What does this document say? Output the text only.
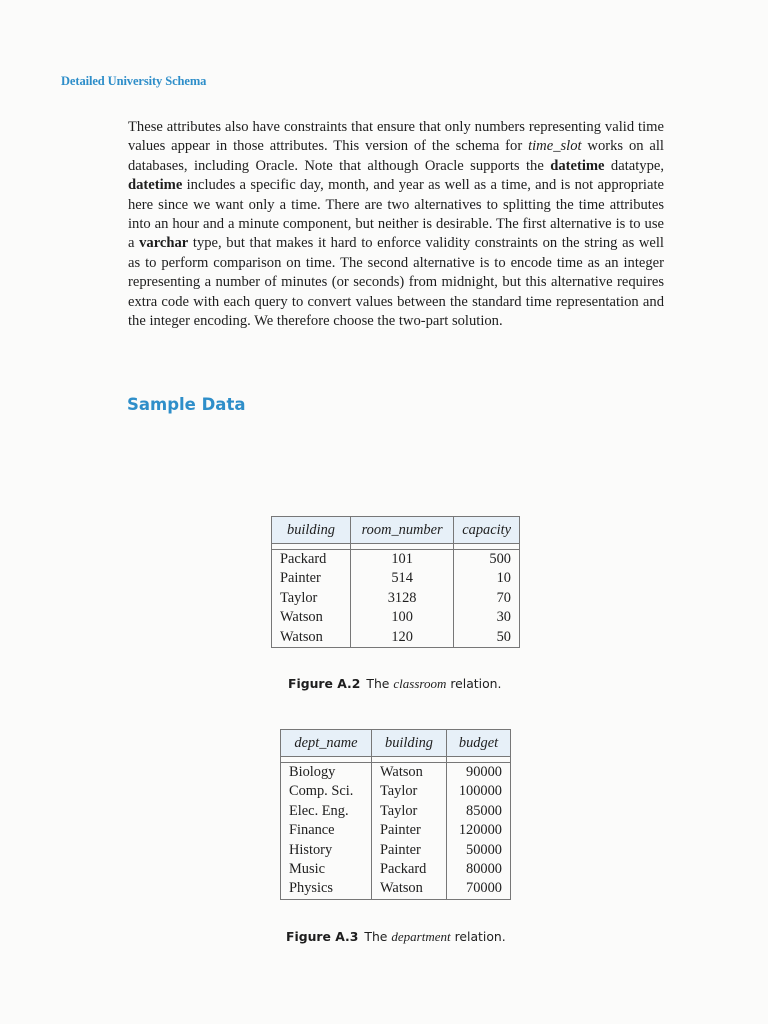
Detailed University Schema

These attributes also have constraints that ensure that only numbers representing valid time values appear in those attributes. This version of the schema for time_slot works on all databases, including Oracle. Note that although Oracle supports the datetime datatype, datetime includes a specific day, month, and year as well as a time, and is not appropriate here since we want only a time. There are two alternatives to splitting the time attributes into an hour and a minute component, but neither is desirable. The first alternative is to use a varchar type, but that makes it hard to enforce validity constraints on the string as well as to perform comparison on time. The second alternative is to encode time as an integer representing a number of minutes (or seconds) from midnight, but this alternative requires extra code with each query to convert values between the standard time representation and the integer encoding. We therefore choose the two-part solution.

Sample Data
building	room_number	capacity

Packard	101	500
Painter	514	10
Taylor	3128	70
Watson	100	30
Watson	120	50
Figure A.2 The classroom relation.
dept_name	building	budget

Biology	Watson	90000
Comp. Sci.	Taylor	100000
Elec. Eng.	Taylor	85000
Finance	Painter	120000
History	Painter	50000
Music	Packard	80000
Physics	Watson	70000
Figure A.3 The department relation.
